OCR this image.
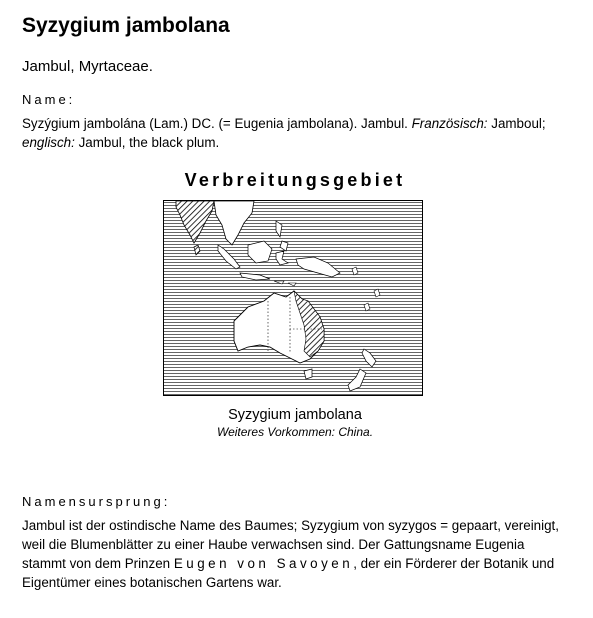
Syzygium jambolana

Jambul, Myrtaceae.

Name:

Syzýgium jambolána (Lam.) DC. (= Eugenia jambolana). Jambul. Französisch: Jamboul; englisch: Jambul, the black plum.

Verbreitungsgebiet

Syzygium jambolana

Weiteres Vorkommen: China.

Namensursprung:

Jambul ist der ostindische Name des Baumes; Syzygium von syzygos = gepaart, vereinigt, weil die Blumenblätter zu einer Haube verwachsen sind. Der Gattungsname Eugenia stammt von dem Prinzen Eugen von Savoyen, der ein Förderer der Botanik und Eigentümer eines botanischen Gartens war.
